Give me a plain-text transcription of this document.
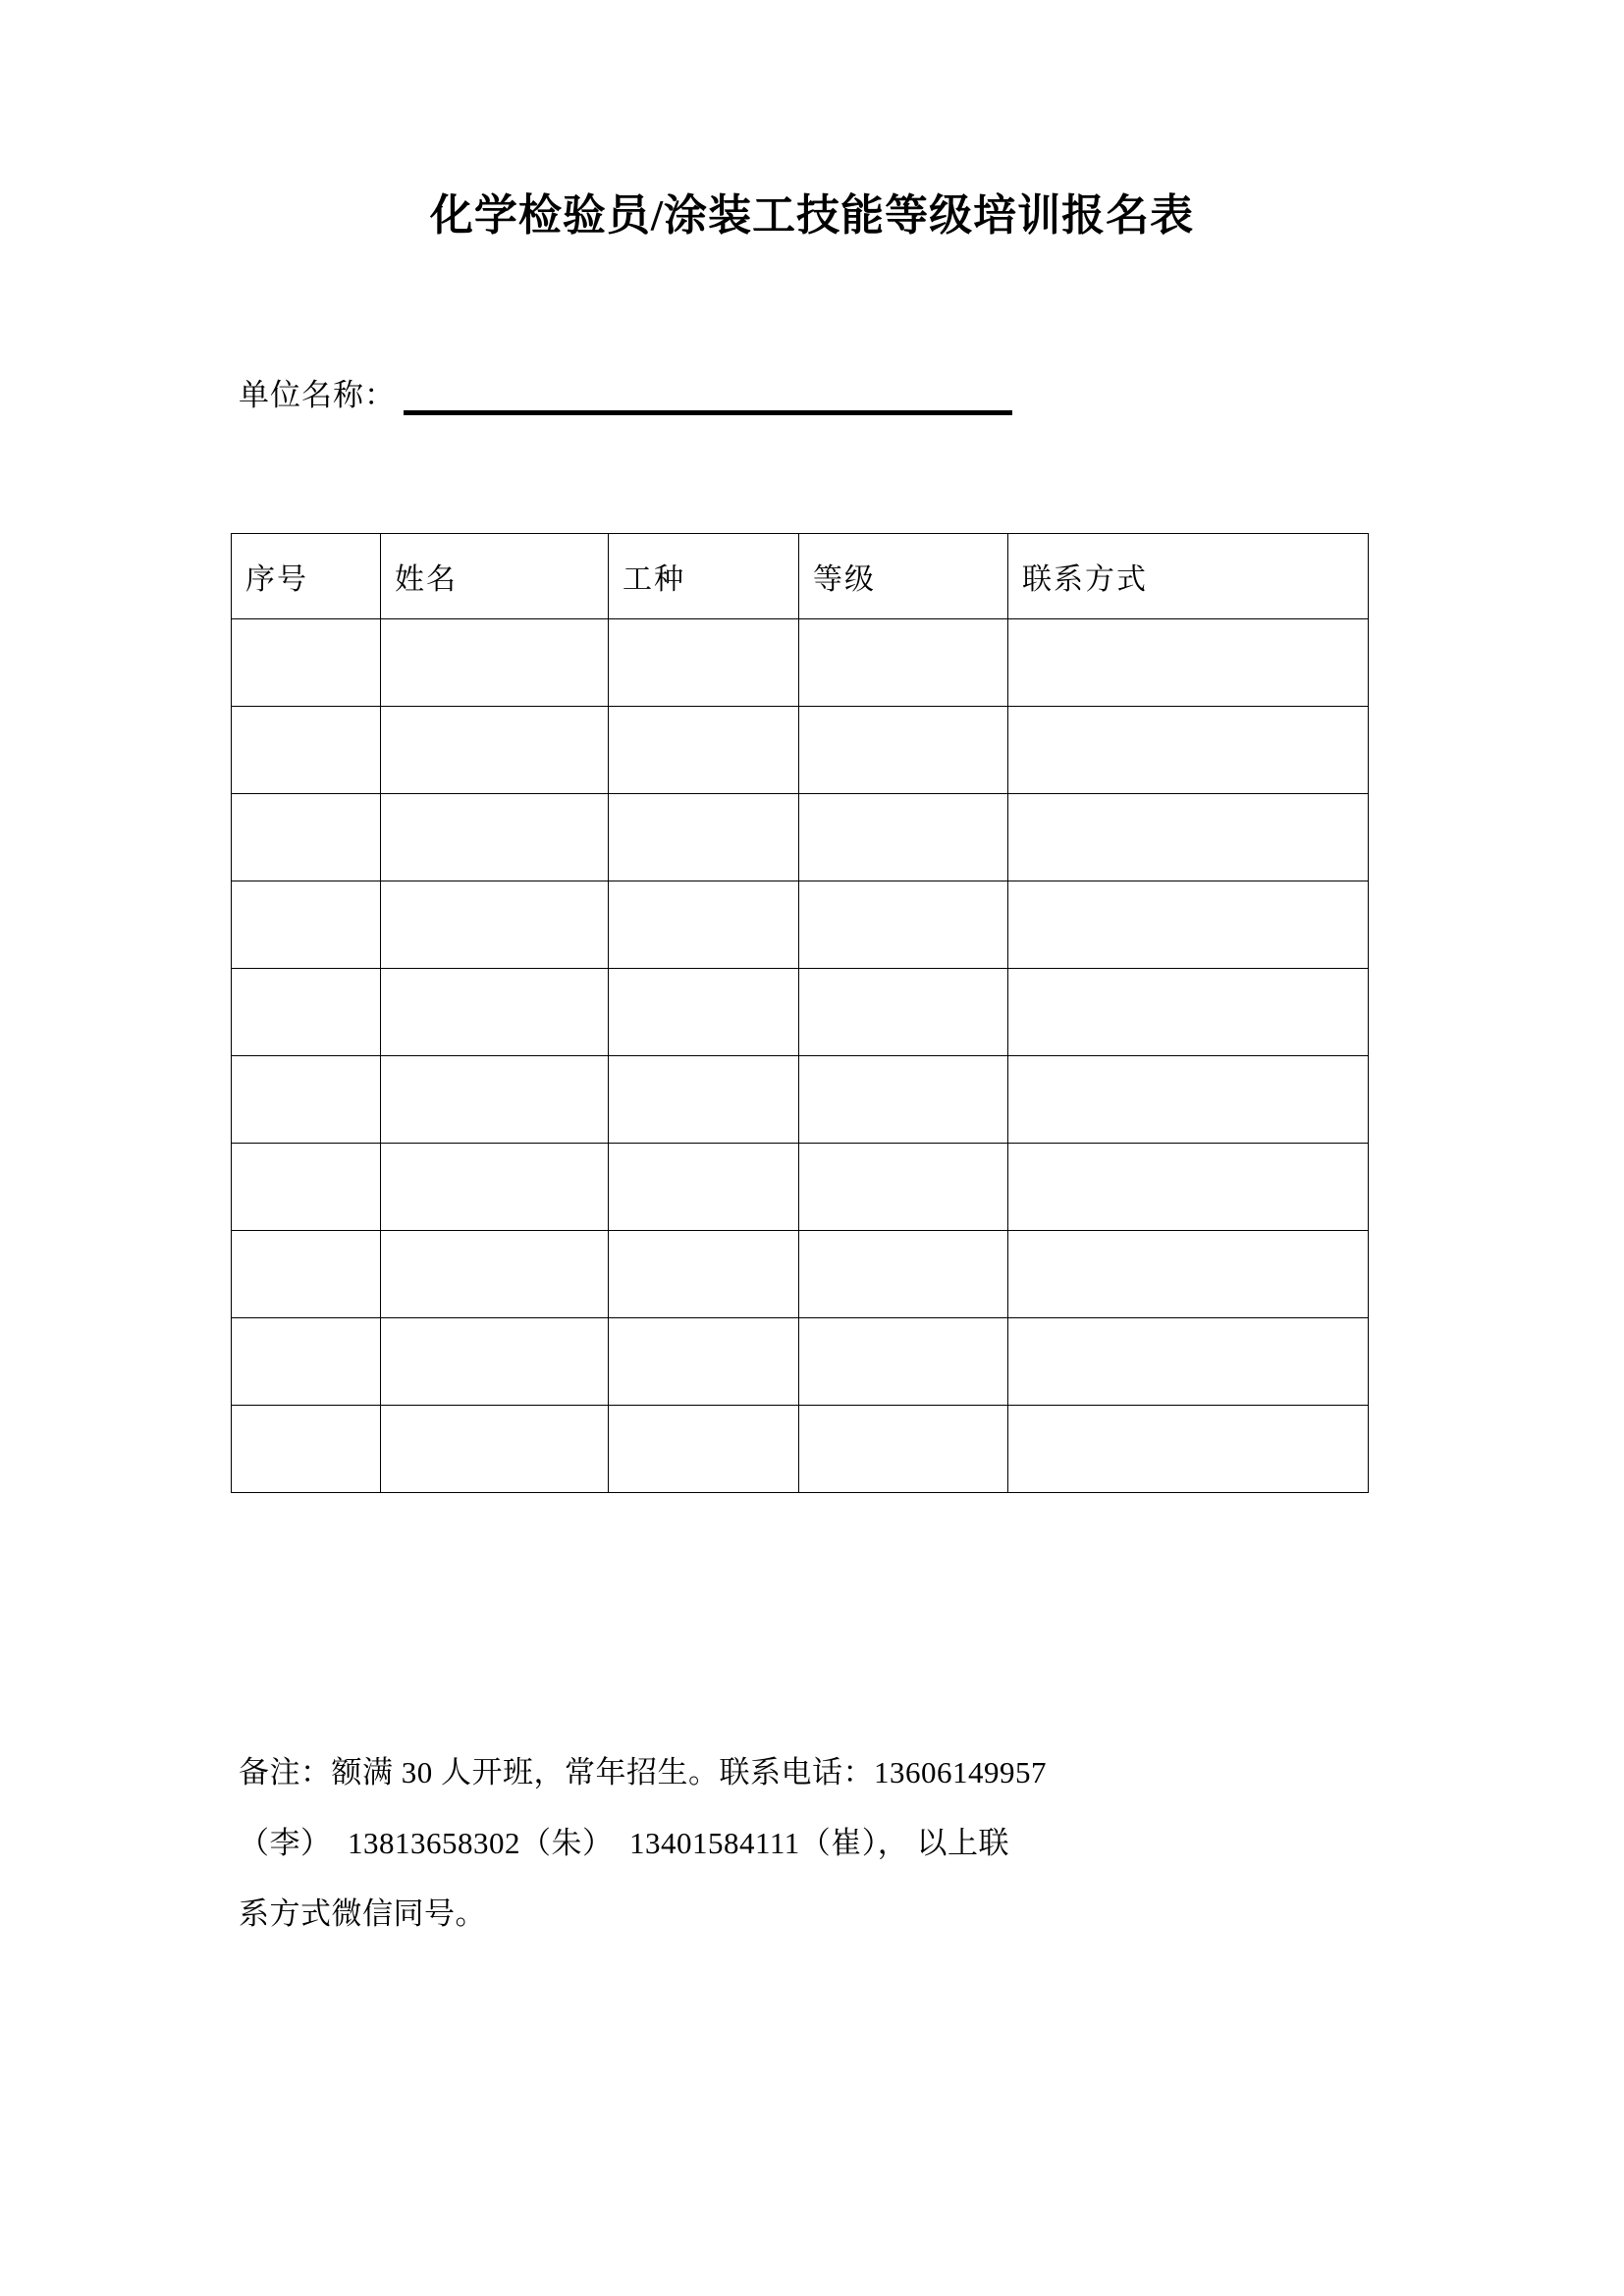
化学检验员/涂装工技能等级培训报名表
单位名称：
序号	姓名	工种	等级	联系方式

备注：额满 30 人开班，常年招生。联系电话：13606149957
（李）  13813658302（朱）  13401584111（崔）， 以上联
系方式微信同号。
